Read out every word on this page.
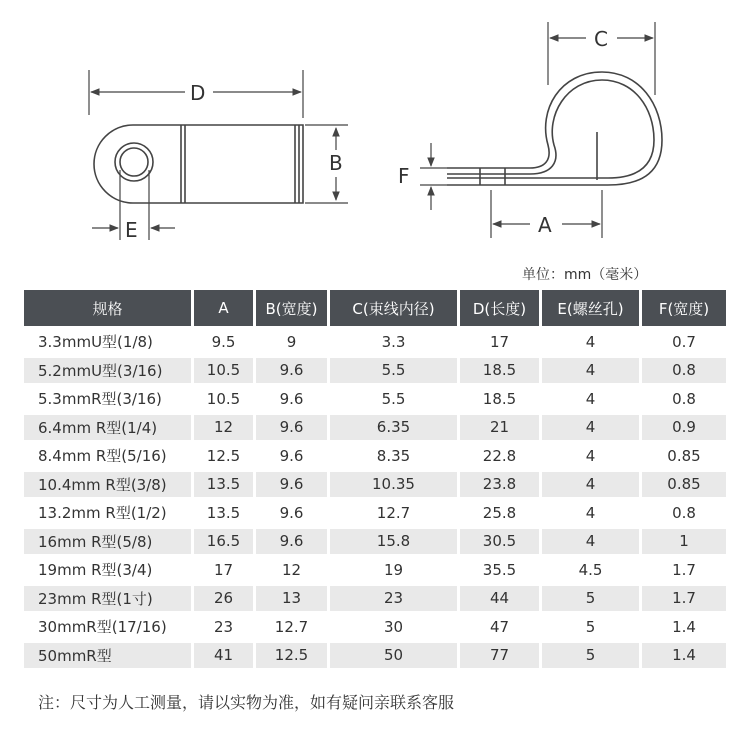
D
B
E
C
F
A
单位：mm（毫米）
规格	A	B(宽度)	C(束线内径)	D(长度)	E(螺丝孔)	F(宽度)
3.3mmU型(1/8)	9.5	9	3.3	17	4	0.7
5.2mmU型(3/16)	10.5	9.6	5.5	18.5	4	0.8
5.3mmR型(3/16)	10.5	9.6	5.5	18.5	4	0.8
6.4mm R型(1/4)	12	9.6	6.35	21	4	0.9
8.4mm R型(5/16)	12.5	9.6	8.35	22.8	4	0.85
10.4mm R型(3/8)	13.5	9.6	10.35	23.8	4	0.85
13.2mm R型(1/2)	13.5	9.6	12.7	25.8	4	0.8
16mm R型(5/8)	16.5	9.6	15.8	30.5	4	1
19mm R型(3/4)	17	12	19	35.5	4.5	1.7
23mm R型(1寸)	26	13	23	44	5	1.7
30mmR型(17/16)	23	12.7	30	47	5	1.4
50mmR型	41	12.5	50	77	5	1.4
注：尺寸为人工测量，请以实物为准，如有疑问亲联系客服
